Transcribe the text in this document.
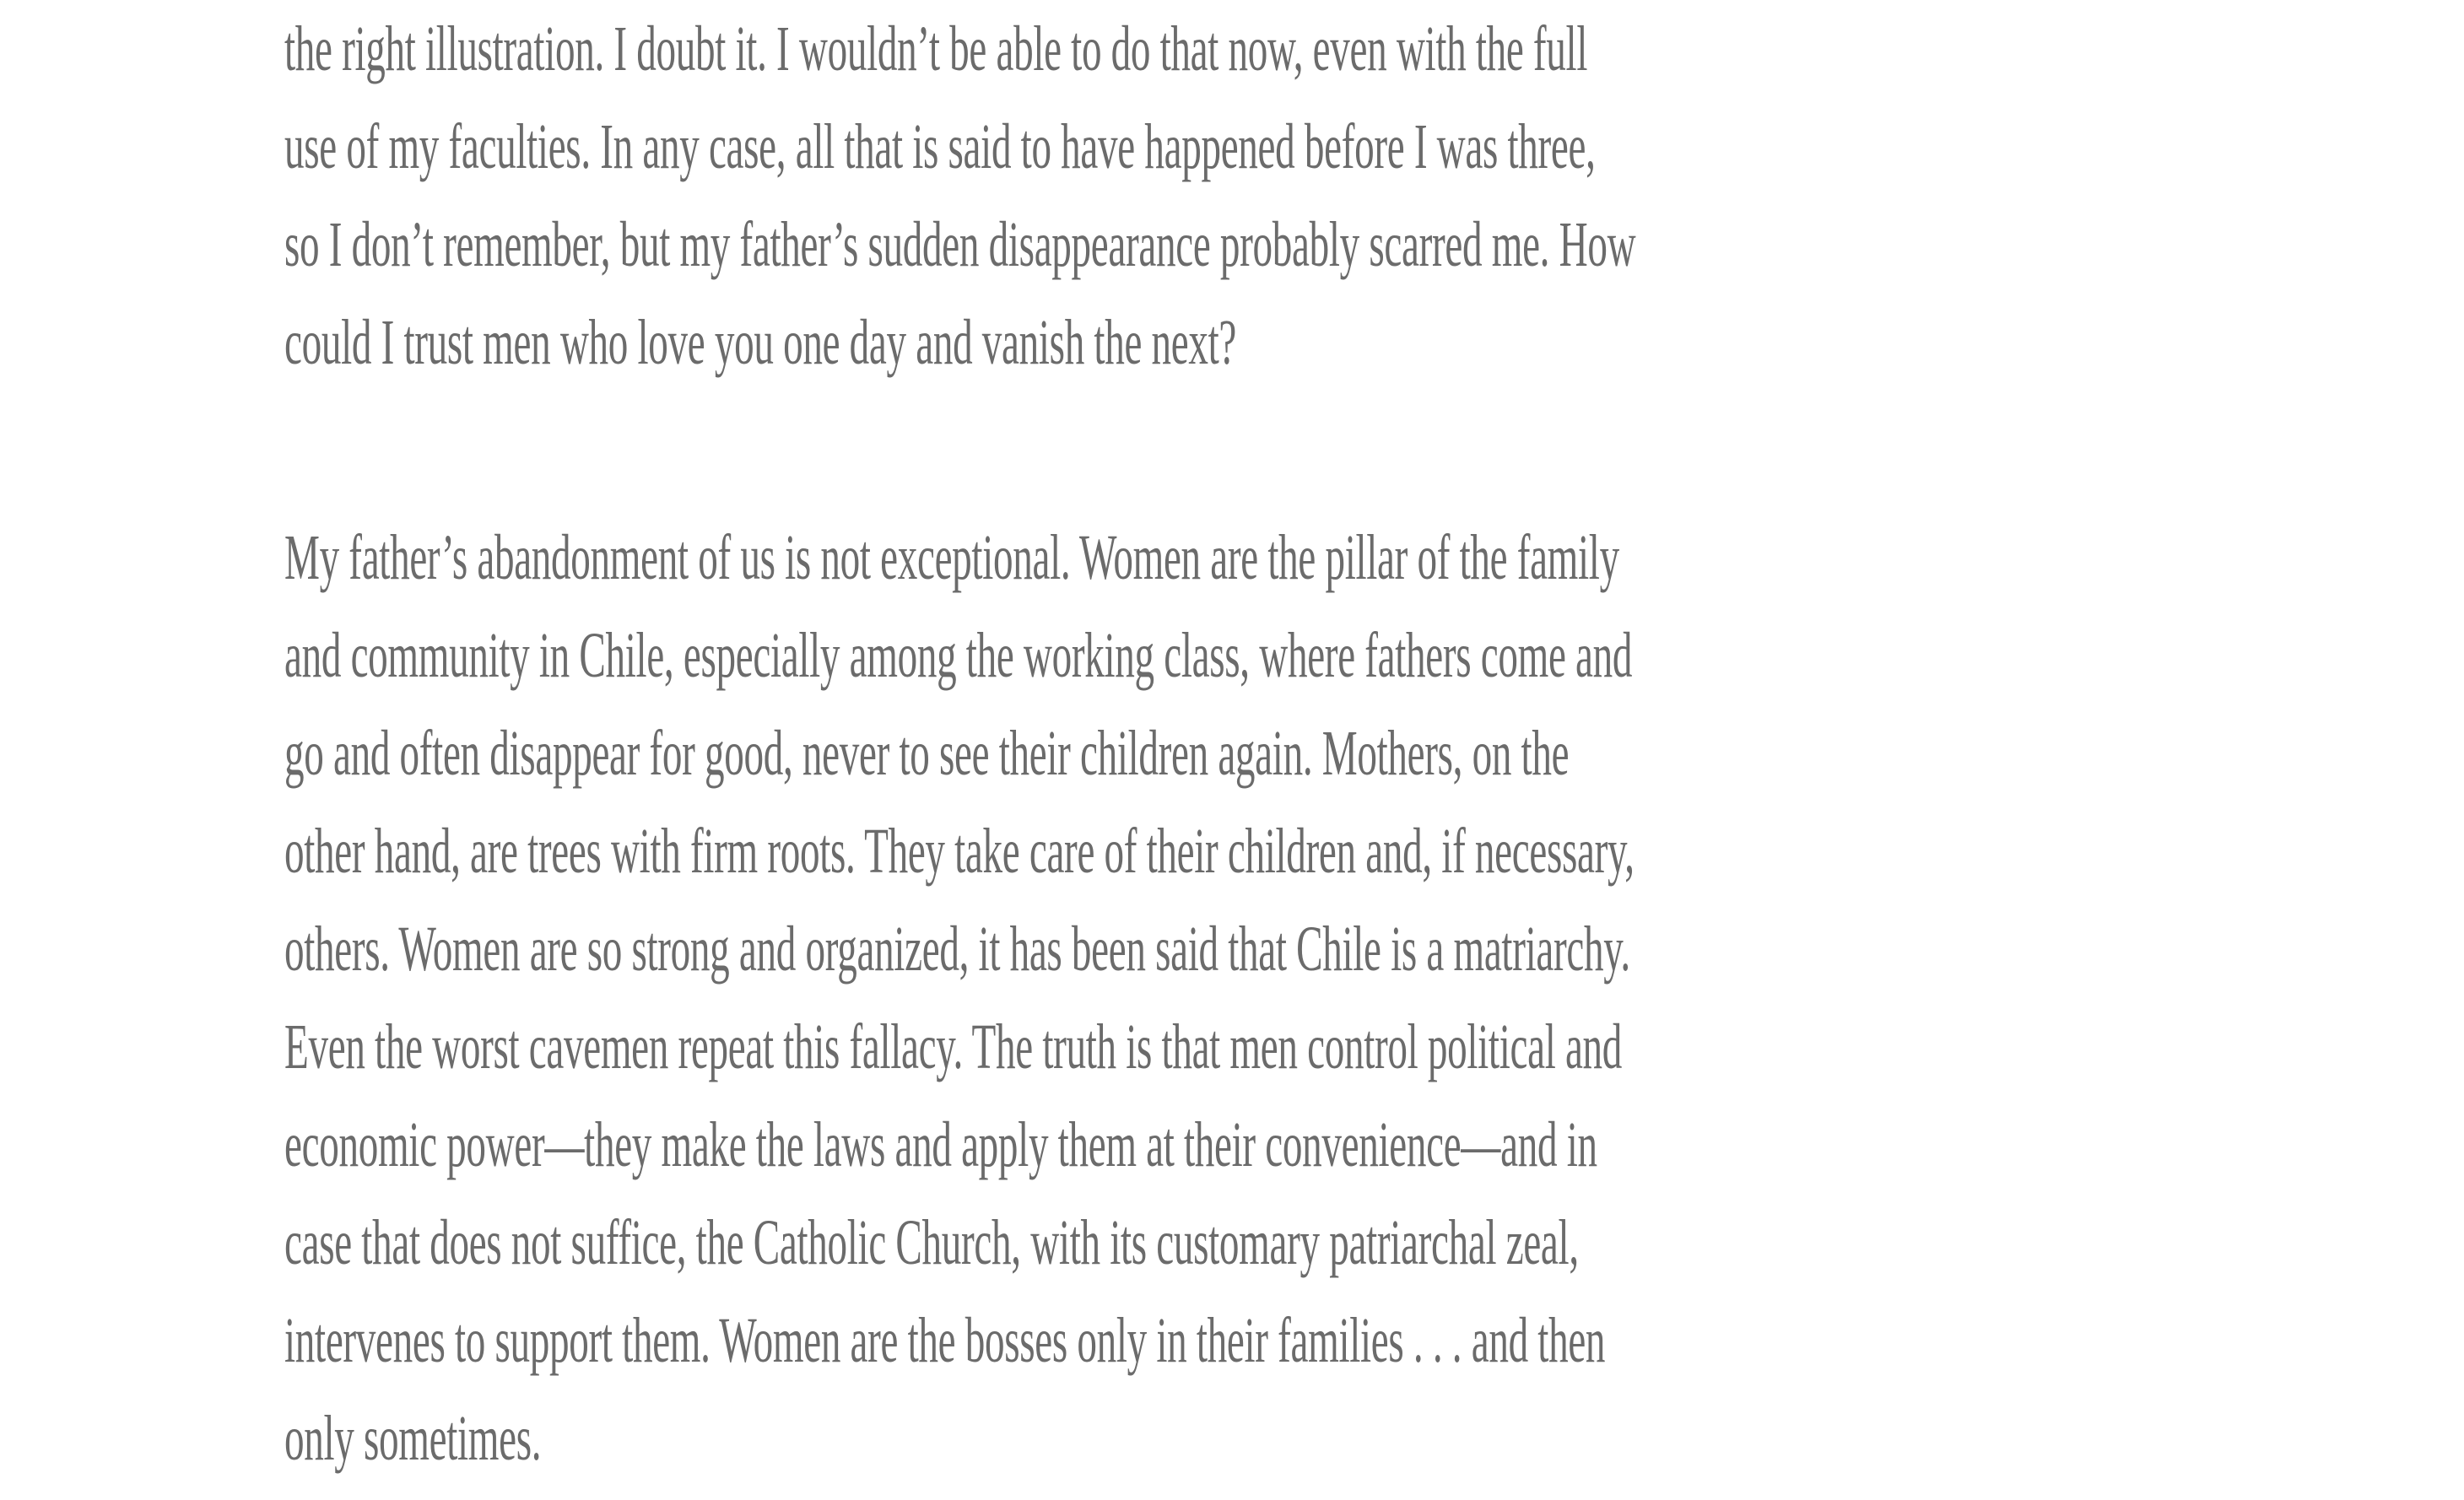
the right illustration. I doubt it. I wouldn’t be able to do that now, even with the full
use of my faculties. In any case, all that is said to have happened before I was three,
so I don’t remember, but my father’s sudden disappearance probably scarred me. How
could I trust men who love you one day and vanish the next?
My father’s abandonment of us is not exceptional. Women are the pillar of the family
and community in Chile, especially among the working class, where fathers come and
go and often disappear for good, never to see their children again. Mothers, on the
other hand, are trees with firm roots. They take care of their children and, if necessary,
others. Women are so strong and organized, it has been said that Chile is a matriarchy.
Even the worst cavemen repeat this fallacy. The truth is that men control political and
economic power—they make the laws and apply them at their convenience—and in
case that does not suffice, the Catholic Church, with its customary patriarchal zeal,
intervenes to support them. Women are the bosses only in their families . . . and then
only sometimes.
